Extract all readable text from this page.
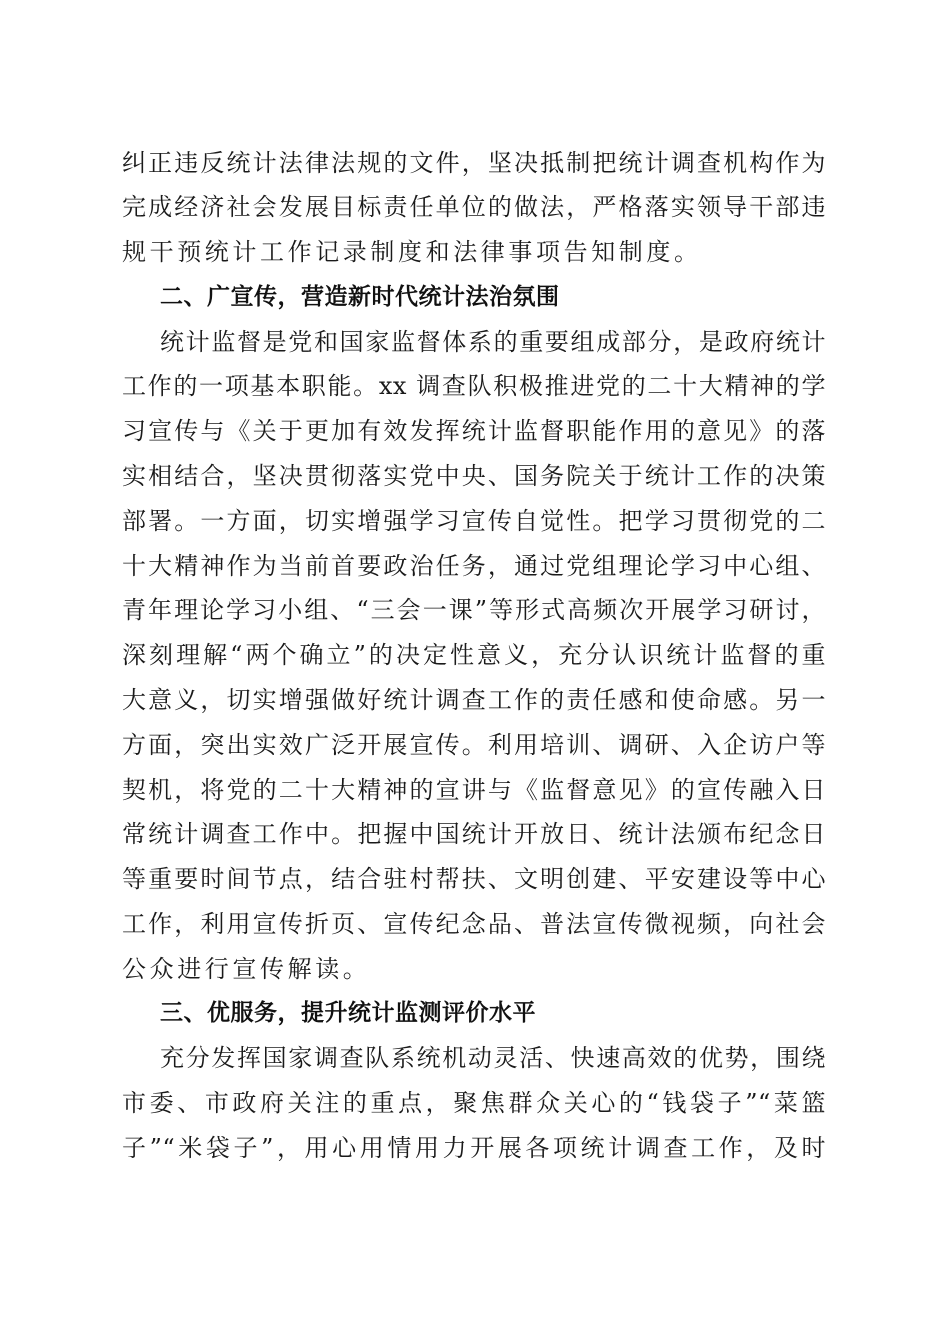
纠正违反统计法律法规的文件，坚决抵制把统计调查机构作为
完成经济社会发展目标责任单位的做法，严格落实领导干部违
规干预统计工作记录制度和法律事项告知制度。
二、广宣传，营造新时代统计法治氛围
统计监督是党和国家监督体系的重要组成部分，是政府统计
工作的一项基本职能。xx 调查队积极推进党的二十大精神的学
习宣传与《关于更加有效发挥统计监督职能作用的意见》的落
实相结合，坚决贯彻落实党中央、国务院关于统计工作的决策
部署。一方面，切实增强学习宣传自觉性。把学习贯彻党的二
十大精神作为当前首要政治任务，通过党组理论学习中心组、
青年理论学习小组、“三会一课”等形式高频次开展学习研讨，
深刻理解“两个确立”的决定性意义，充分认识统计监督的重
大意义，切实增强做好统计调查工作的责任感和使命感。另一
方面，突出实效广泛开展宣传。利用培训、调研、入企访户等
契机，将党的二十大精神的宣讲与《监督意见》的宣传融入日
常统计调查工作中。把握中国统计开放日、统计法颁布纪念日
等重要时间节点，结合驻村帮扶、文明创建、平安建设等中心
工作，利用宣传折页、宣传纪念品、普法宣传微视频，向社会
公众进行宣传解读。
三、优服务，提升统计监测评价水平
充分发挥国家调查队系统机动灵活、快速高效的优势，围绕
市委、市政府关注的重点，聚焦群众关心的“钱袋子”“菜篮
子”“米袋子”，用心用情用力开展各项统计调查工作，及时
